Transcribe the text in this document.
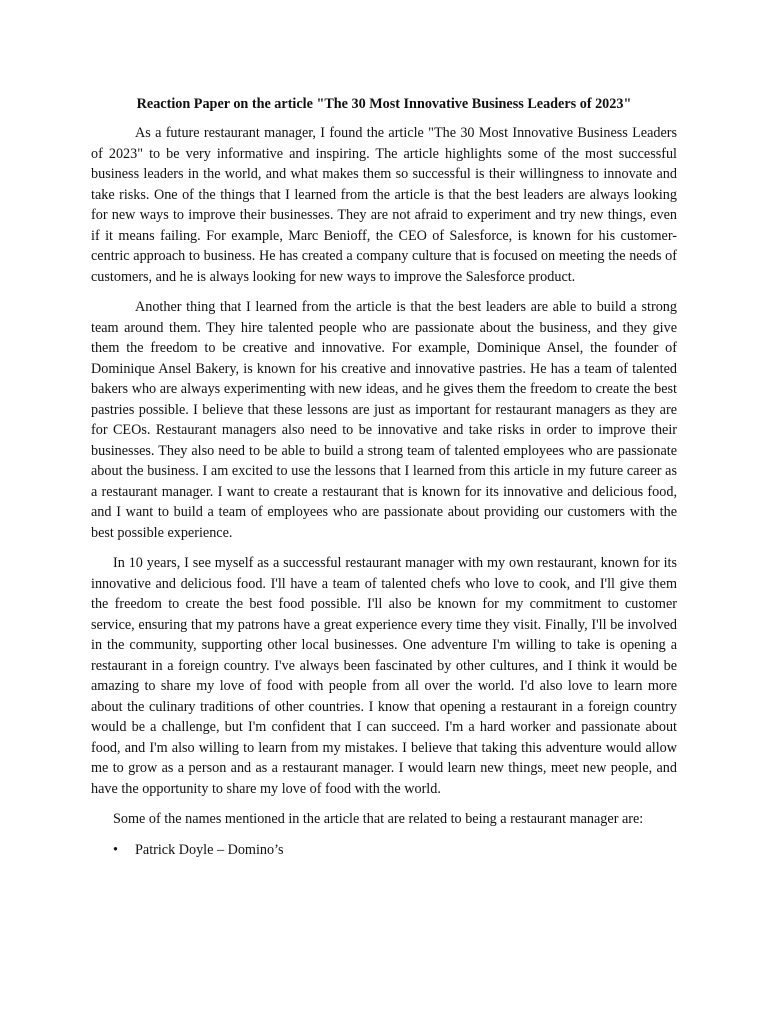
Reaction Paper on the article "The 30 Most Innovative Business Leaders of 2023"

As a future restaurant manager, I found the article "The 30 Most Innovative Business Leaders of 2023" to be very informative and inspiring. The article highlights some of the most successful business leaders in the world, and what makes them so successful is their willingness to innovate and take risks. One of the things that I learned from the article is that the best leaders are always looking for new ways to improve their businesses. They are not afraid to experiment and try new things, even if it means failing. For example, Marc Benioff, the CEO of Salesforce, is known for his customer-centric approach to business. He has created a company culture that is focused on meeting the needs of customers, and he is always looking for new ways to improve the Salesforce product.

Another thing that I learned from the article is that the best leaders are able to build a strong team around them. They hire talented people who are passionate about the business, and they give them the freedom to be creative and innovative. For example, Dominique Ansel, the founder of Dominique Ansel Bakery, is known for his creative and innovative pastries. He has a team of talented bakers who are always experimenting with new ideas, and he gives them the freedom to create the best pastries possible. I believe that these lessons are just as important for restaurant managers as they are for CEOs. Restaurant managers also need to be innovative and take risks in order to improve their businesses. They also need to be able to build a strong team of talented employees who are passionate about the business. I am excited to use the lessons that I learned from this article in my future career as a restaurant manager. I want to create a restaurant that is known for its innovative and delicious food, and I want to build a team of employees who are passionate about providing our customers with the best possible experience.

In 10 years, I see myself as a successful restaurant manager with my own restaurant, known for its innovative and delicious food. I'll have a team of talented chefs who love to cook, and I'll give them the freedom to create the best food possible. I'll also be known for my commitment to customer service, ensuring that my patrons have a great experience every time they visit. Finally, I'll be involved in the community, supporting other local businesses. One adventure I'm willing to take is opening a restaurant in a foreign country. I've always been fascinated by other cultures, and I think it would be amazing to share my love of food with people from all over the world. I'd also love to learn more about the culinary traditions of other countries. I know that opening a restaurant in a foreign country would be a challenge, but I'm confident that I can succeed. I'm a hard worker and passionate about food, and I'm also willing to learn from my mistakes. I believe that taking this adventure would allow me to grow as a person and as a restaurant manager. I would learn new things, meet new people, and have the opportunity to share my love of food with the world.

Some of the names mentioned in the article that are related to being a restaurant manager are:

• Patrick Doyle – Domino’s
